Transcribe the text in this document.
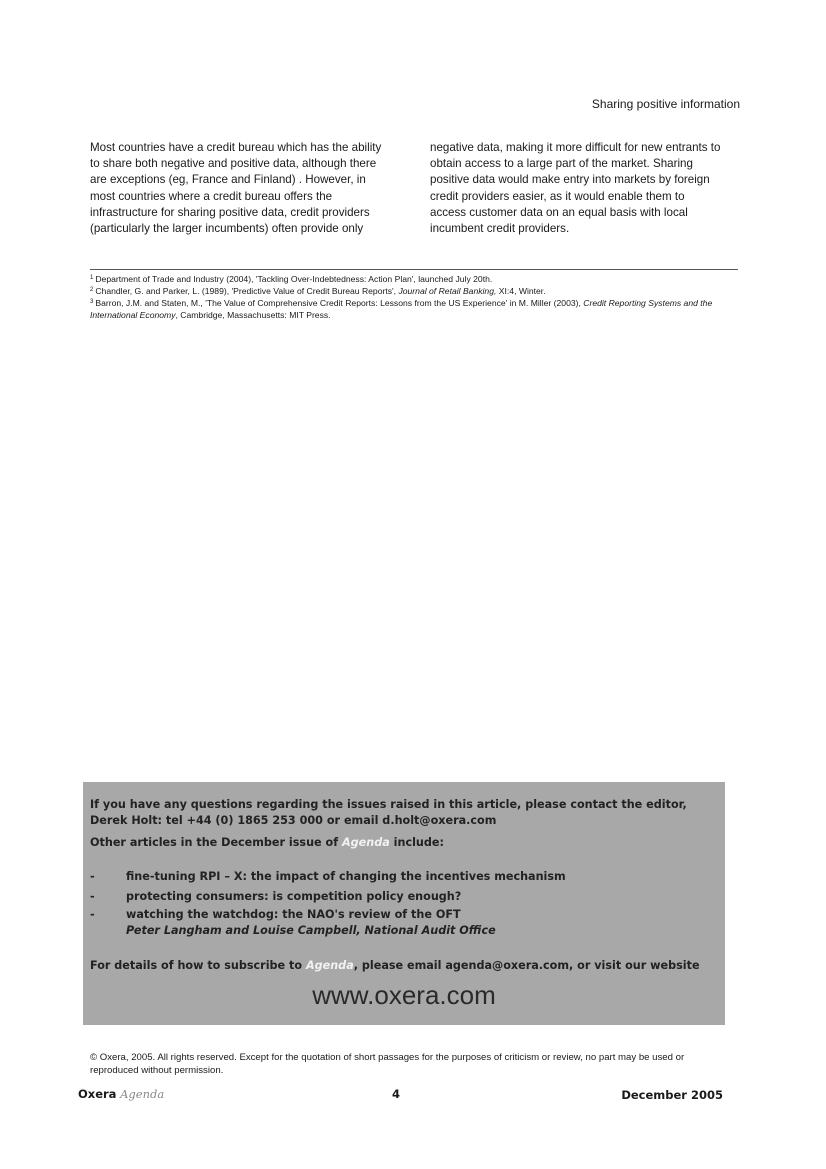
Sharing positive information
Most countries have a credit bureau which has the ability
to share both negative and positive data, although there
are exceptions (eg, France and Finland) . However, in
most countries where a credit bureau offers the
infrastructure for sharing positive data, credit providers
(particularly the larger incumbents) often provide only
negative data, making it more difficult for new entrants to
obtain access to a large part of the market. Sharing
positive data would make entry into markets by foreign
credit providers easier, as it would enable them to
access customer data on an equal basis with local
incumbent credit providers.
$^1$ Department of Trade and Industry (2004), 'Tackling Over-Indebtedness: Action Plan', launched July 20th.
$^2$ Chandler, G. and Parker, L. (1989), 'Predictive Value of Credit Bureau Reports', Journal of Retail Banking, XI:4, Winter.
$^3$ Barron, J.M. and Staten, M., 'The Value of Comprehensive Credit Reports: Lessons from the US Experience' in M. Miller (2003), Credit Reporting Systems and the International Economy, Cambridge, Massachusetts: MIT Press.
If you have any questions regarding the issues raised in this article, please contact the editor,
Derek Holt: tel +44 (0) 1865 253 000 or email d.holt@oxera.com
Other articles in the December issue of Agenda include:
-	fine-tuning RPI – X: the impact of changing the incentives mechanism
-	protecting consumers: is competition policy enough?
-	watching the watchdog: the NAO's review of the OFT
Peter Langham and Louise Campbell, National Audit Office
For details of how to subscribe to Agenda, please email agenda@oxera.com, or visit our website
www.oxera.com
© Oxera, 2005. All rights reserved. Except for the quotation of short passages for the purposes of criticism or review, no part may be used or reproduced without permission.
Oxera Agenda	4	December 2005
